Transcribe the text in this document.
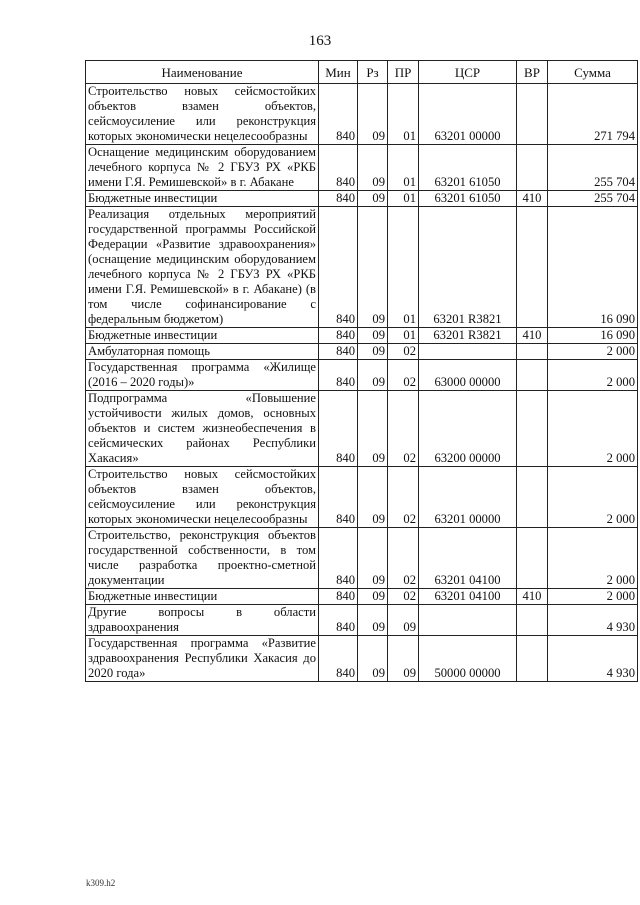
163
Наименование	Мин	Рз	ПР	ЦСР	ВР	Сумма
Строительство новых сейсмостойких объектов взамен объектов, сейсмоусиление или реконструкция которых экономически нецелесообразны	840	09	01	63201 00000		271 794
Оснащение медицинским оборудованием лечебного корпуса № 2 ГБУЗ РХ «РКБ имени Г.Я. Ремишевской» в г. Абакане	840	09	01	63201 61050		255 704
Бюджетные инвестиции	840	09	01	63201 61050	410	255 704
Реализация отдельных мероприятий государственной программы Российской Федерации «Развитие здравоохранения» (оснащение медицинским оборудованием лечебного корпуса № 2 ГБУЗ РХ «РКБ имени Г.Я. Ремишевской» в г. Абакане) (в том числе софинансирование с федеральным бюджетом)	840	09	01	63201 R3821		16 090
Бюджетные инвестиции	840	09	01	63201 R3821	410	16 090
Амбулаторная помощь	840	09	02			2 000
Государственная программа «Жилище (2016 – 2020 годы)»	840	09	02	63000 00000		2 000
Подпрограмма «Повышение устойчивости жилых домов, основных объектов и систем жизнеобеспечения в сейсмических районах Республики Хакасия»	840	09	02	63200 00000		2 000
Строительство новых сейсмостойких объектов взамен объектов, сейсмоусиление или реконструкция которых экономически нецелесообразны	840	09	02	63201 00000		2 000
Строительство, реконструкция объектов государственной собственности, в том числе разработка проектно-сметной документации	840	09	02	63201 04100		2 000
Бюджетные инвестиции	840	09	02	63201 04100	410	2 000
Другие вопросы в области здравоохранения	840	09	09			4 930
Государственная программа «Развитие здравоохранения Республики Хакасия до 2020 года»	840	09	09	50000 00000		4 930
k309.h2
